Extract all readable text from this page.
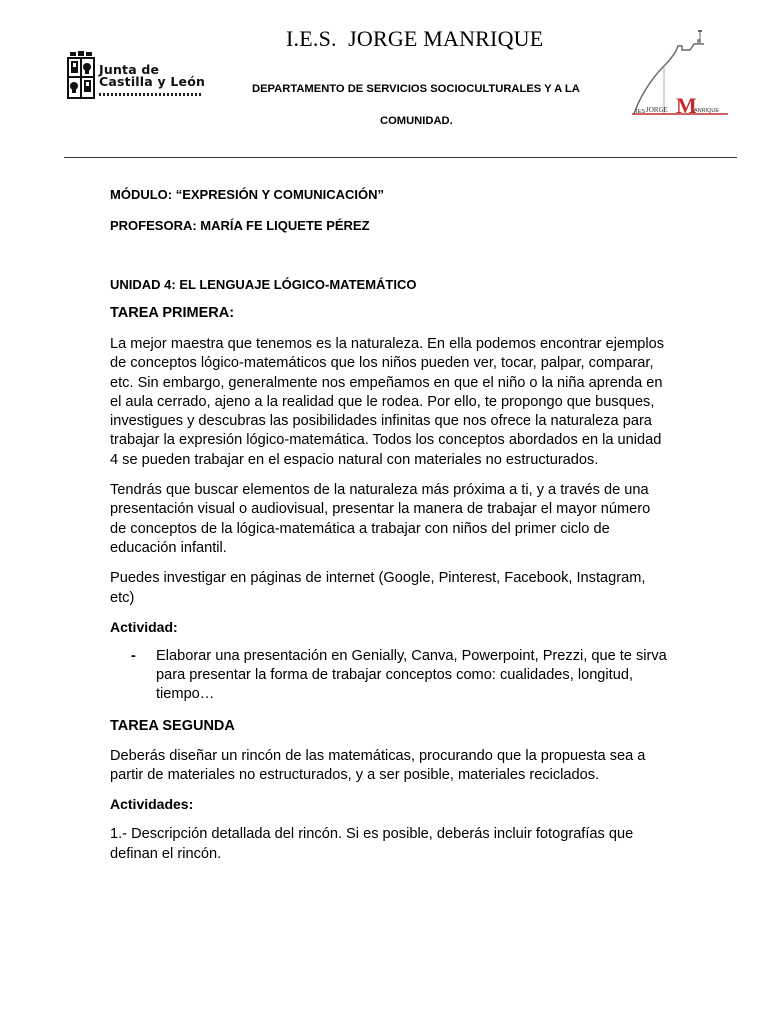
Junta de
Castilla y León
I.E.S.  JORGE MANRIQUE
DEPARTAMENTO DE SERVICIOS SOCIOCULTURALES Y A LA
COMUNIDAD.
IES JORGE M
ANRIQUE

MÓDULO: “EXPRESIÓN Y COMUNICACIÓN”

PROFESORA: MARÍA FE LIQUETE PÉREZ

UNIDAD 4: EL LENGUAJE LÓGICO-MATEMÁTICO

TAREA PRIMERA:

La mejor maestra que tenemos es la naturaleza. En ella podemos encontrar ejemplos de conceptos lógico-matemáticos que los niños pueden ver, tocar, palpar, comparar, etc. Sin embargo, generalmente nos empeñamos en que el niño o la niña aprenda en el aula cerrado, ajeno a la realidad que le rodea. Por ello, te propongo que busques, investigues y descubras las posibilidades infinitas que nos ofrece la naturaleza para trabajar la expresión lógico-matemática. Todos los conceptos abordados en la unidad 4 se pueden trabajar en el espacio natural con materiales no estructurados.

Tendrás que buscar elementos de la naturaleza más próxima a ti, y a través de una presentación visual o audiovisual, presentar la manera de trabajar el mayor número de conceptos de la lógica-matemática a trabajar con niños del primer ciclo de educación infantil.

Puedes investigar en páginas de internet (Google, Pinterest, Facebook, Instagram, etc)

Actividad:
- Elaborar una presentación en Genially, Canva, Powerpoint, Prezzi, que te sirva para presentar la forma de trabajar conceptos como: cualidades, longitud, tiempo…
TAREA SEGUNDA

Deberás diseñar un rincón de las matemáticas, procurando que la propuesta sea a partir de materiales no estructurados, y a ser posible, materiales reciclados.

Actividades:

1.- Descripción detallada del rincón. Si es posible, deberás incluir fotografías que definan el rincón.
